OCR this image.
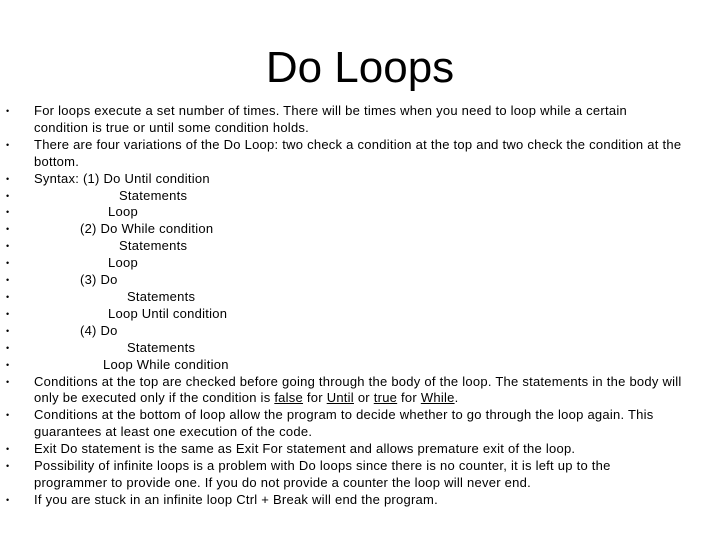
Do Loops
• For loops execute a set number of times. There will be times when you need to loop while a certain condition is true or until some condition holds.
• There are four variations of the Do Loop: two check a condition at the top and two check the condition at the bottom.
• Syntax: (1) Do Until condition
•	Statements
•	Loop
•	(2) Do While condition
•	Statements
•	Loop
•	(3) Do
•	Statements
•	Loop Until condition
•	(4) Do
•	Statements
•	Loop While condition
• Conditions at the top are checked before going through the body of the loop. The statements in the body will only be executed only if the condition is false for Until or true for While.
• Conditions at the bottom of loop allow the program to decide whether to go through the loop again. This guarantees at least one execution of the code.
• Exit Do statement is the same as Exit For statement and allows premature exit of the loop.
• Possibility of infinite loops is a problem with Do loops since there is no counter, it is left up to the programmer to provide one. If you do not provide a counter the loop will never end.
• If you are stuck in an infinite loop Ctrl + Break will end the program.
